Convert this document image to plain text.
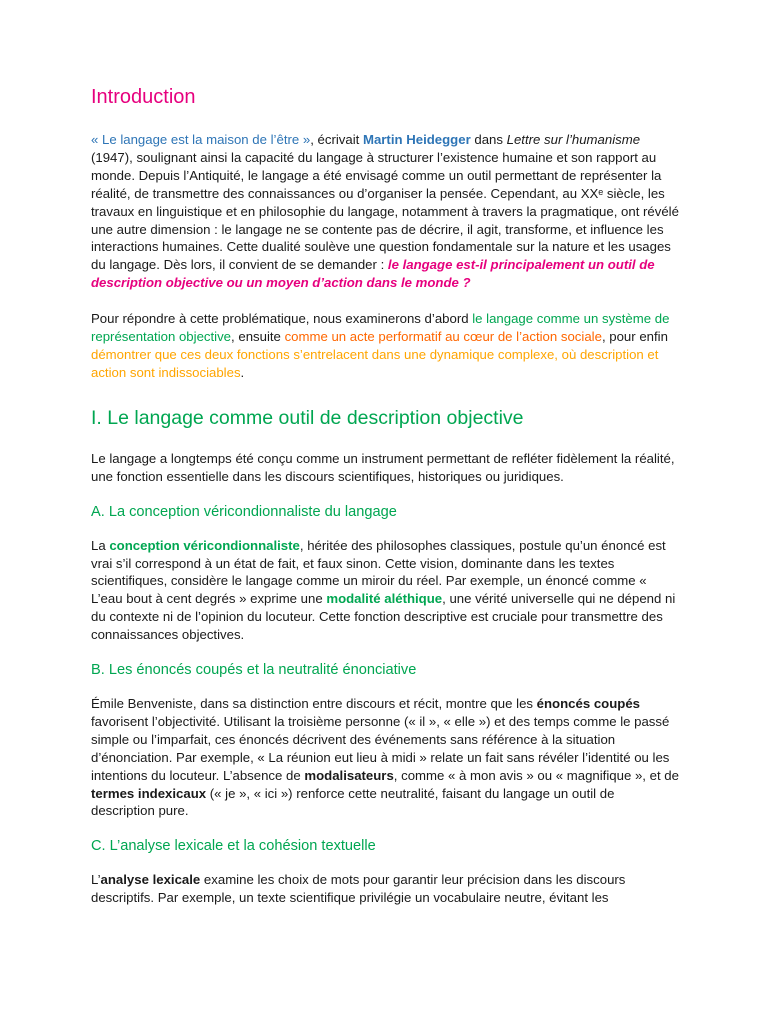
Introduction

« Le langage est la maison de l’être », écrivait Martin Heidegger dans Lettre sur l’humanisme (1947), soulignant ainsi la capacité du langage à structurer l’existence humaine et son rapport au monde. Depuis l’Antiquité, le langage a été envisagé comme un outil permettant de représenter la réalité, de transmettre des connaissances ou d’organiser la pensée. Cependant, au XXᵉ siècle, les travaux en linguistique et en philosophie du langage, notamment à travers la pragmatique, ont révélé une autre dimension : le langage ne se contente pas de décrire, il agit, transforme, et influence les interactions humaines. Cette dualité soulève une question fondamentale sur la nature et les usages du langage. Dès lors, il convient de se demander : le langage est-il principalement un outil de description objective ou un moyen d’action dans le monde ?

Pour répondre à cette problématique, nous examinerons d’abord le langage comme un système de représentation objective, ensuite comme un acte performatif au cœur de l’action sociale, pour enfin démontrer que ces deux fonctions s’entrelacent dans une dynamique complexe, où description et action sont indissociables.

I. Le langage comme outil de description objective

Le langage a longtemps été conçu comme un instrument permettant de refléter fidèlement la réalité, une fonction essentielle dans les discours scientifiques, historiques ou juridiques.

A. La conception véricondionnaliste du langage

La conception véricondionnaliste, héritée des philosophes classiques, postule qu’un énoncé est vrai s’il correspond à un état de fait, et faux sinon. Cette vision, dominante dans les textes scientifiques, considère le langage comme un miroir du réel. Par exemple, un énoncé comme « L’eau bout à cent degrés » exprime une modalité aléthique, une vérité universelle qui ne dépend ni du contexte ni de l’opinion du locuteur. Cette fonction descriptive est cruciale pour transmettre des connaissances objectives.

B. Les énoncés coupés et la neutralité énonciative

Émile Benveniste, dans sa distinction entre discours et récit, montre que les énoncés coupés favorisent l’objectivité. Utilisant la troisième personne (« il », « elle ») et des temps comme le passé simple ou l’imparfait, ces énoncés décrivent des événements sans référence à la situation d’énonciation. Par exemple, « La réunion eut lieu à midi » relate un fait sans révéler l’identité ou les intentions du locuteur. L’absence de modalisateurs, comme « à mon avis » ou « magnifique », et de termes indexicaux (« je », « ici ») renforce cette neutralité, faisant du langage un outil de description pure.

C. L’analyse lexicale et la cohésion textuelle

L’analyse lexicale examine les choix de mots pour garantir leur précision dans les discours descriptifs. Par exemple, un texte scientifique privilégie un vocabulaire neutre, évitant les
